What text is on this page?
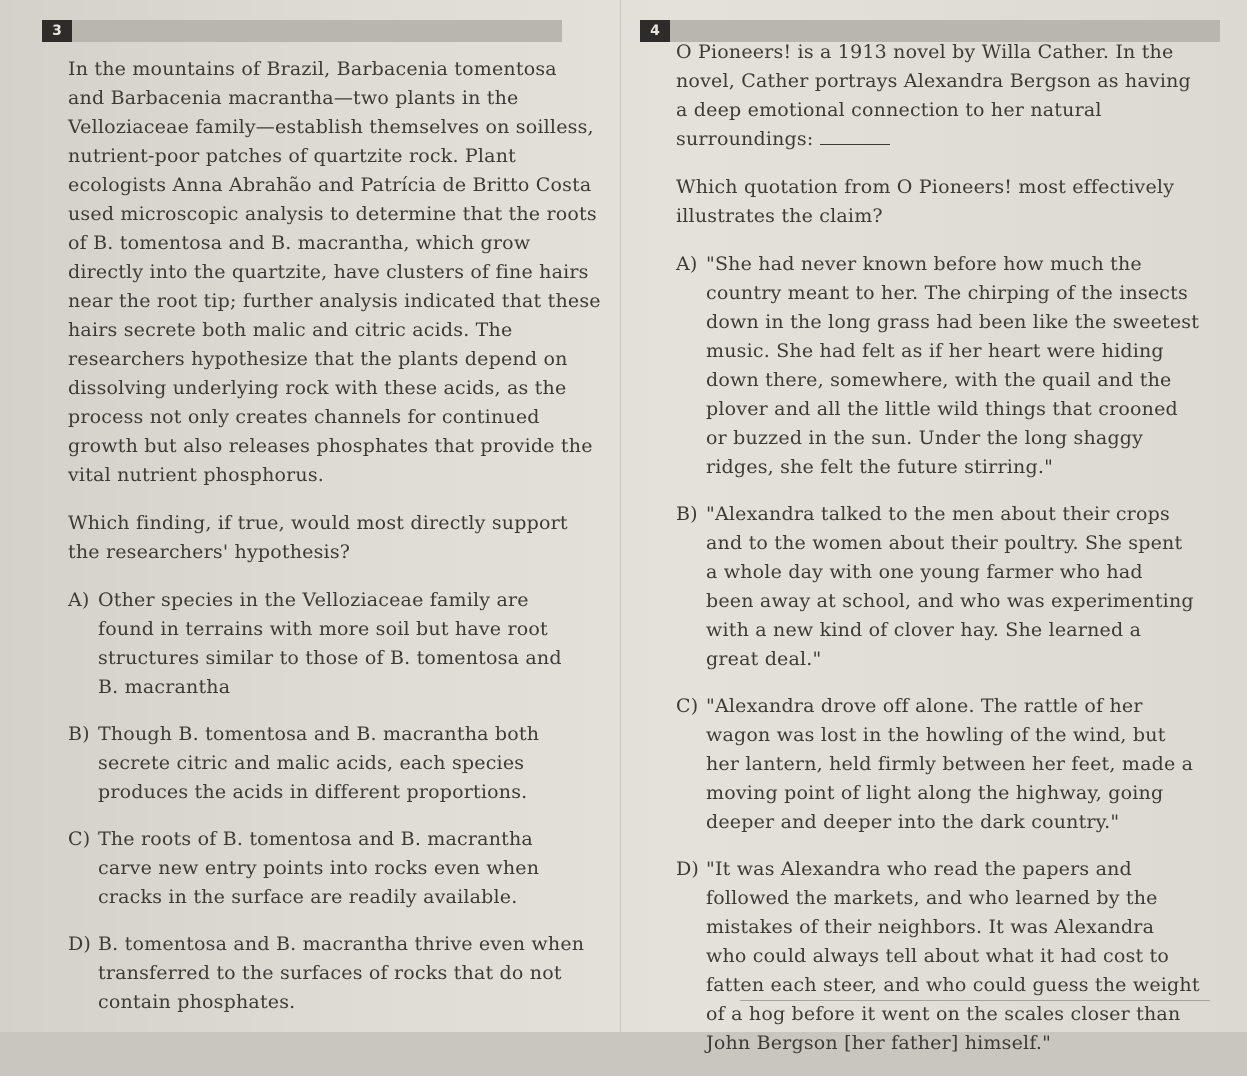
3	4
In the mountains of Brazil, Barbacenia tomentosa
and Barbacenia macrantha—two plants in the
Velloziaceae family—establish themselves on soilless,
nutrient-poor patches of quartzite rock. Plant
ecologists Anna Abrahão and Patrícia de Britto Costa
used microscopic analysis to determine that the roots
of B. tomentosa and B. macrantha, which grow
directly into the quartzite, have clusters of fine hairs
near the root tip; further analysis indicated that these
hairs secrete both malic and citric acids. The
researchers hypothesize that the plants depend on
dissolving underlying rock with these acids, as the
process not only creates channels for continued
growth but also releases phosphates that provide the
vital nutrient phosphorus.
Which finding, if true, would most directly support
the researchers' hypothesis?
A) Other species in the Velloziaceae family are
found in terrains with more soil but have root
structures similar to those of B. tomentosa and
B. macrantha
B) Though B. tomentosa and B. macrantha both
secrete citric and malic acids, each species
produces the acids in different proportions.
C) The roots of B. tomentosa and B. macrantha
carve new entry points into rocks even when
cracks in the surface are readily available.
D) B. tomentosa and B. macrantha thrive even when
transferred to the surfaces of rocks that do not
contain phosphates.
O Pioneers! is a 1913 novel by Willa Cather. In the
novel, Cather portrays Alexandra Bergson as having
a deep emotional connection to her natural
surroundings:
Which quotation from O Pioneers! most effectively
illustrates the claim?
A) "She had never known before how much the
country meant to her. The chirping of the insects
down in the long grass had been like the sweetest
music. She had felt as if her heart were hiding
down there, somewhere, with the quail and the
plover and all the little wild things that crooned
or buzzed in the sun. Under the long shaggy
ridges, she felt the future stirring."
B) "Alexandra talked to the men about their crops
and to the women about their poultry. She spent
a whole day with one young farmer who had
been away at school, and who was experimenting
with a new kind of clover hay. She learned a
great deal."
C) "Alexandra drove off alone. The rattle of her
wagon was lost in the howling of the wind, but
her lantern, held firmly between her feet, made a
moving point of light along the highway, going
deeper and deeper into the dark country."
D) "It was Alexandra who read the papers and
followed the markets, and who learned by the
mistakes of their neighbors. It was Alexandra
who could always tell about what it had cost to
fatten each steer, and who could guess the weight
of a hog before it went on the scales closer than
John Bergson [her father] himself."
